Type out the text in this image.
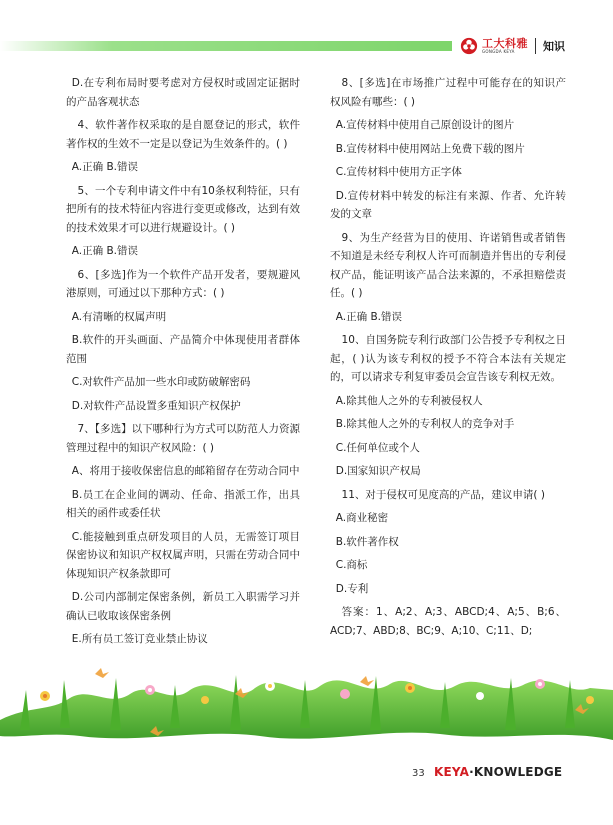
工大科雅
GONGDA KEYA	知识

D.在专利布局时要考虑对方侵权时或固定证据时的产品客观状态

4、软件著作权采取的是自愿登记的形式，软件著作权的生效不一定是以登记为生效条件的。( )

A.正确 B.错误

5、一个专利申请文件中有10条权利特征，只有把所有的技术特征内容进行变更或修改，达到有效的技术效果才可以进行规避设计。( )

A.正确 B.错误

6、[多选]作为一个软件产品开发者，要规避风港原则，可通过以下那种方式：( )

A.有清晰的权属声明

B.软件的开头画面、产品简介中体现使用者群体范围

C.对软件产品加一些水印或防破解密码

D.对软件产品设置多重知识产权保护

7、【多选】以下哪种行为方式可以防范人力资源管理过程中的知识产权风险：( )

A、将用于接收保密信息的邮箱留存在劳动合同中

B.员工在企业间的调动、任命、指派工作，出具相关的函件或委任状

C.能接触到重点研发项目的人员，无需签订项目保密协议和知识产权权属声明，只需在劳动合同中体现知识产权条款即可

D.公司内部制定保密条例，新员工入职需学习并确认已收取该保密条例

E.所有员工签订竞业禁止协议

8、[多选]在市场推广过程中可能存在的知识产权风险有哪些：( )

A.宣传材料中使用自己原创设计的图片

B.宣传材料中使用网站上免费下载的图片

C.宣传材料中使用方正字体

D.宣传材料中转发的标注有来源、作者、允许转发的文章

9、为生产经营为目的使用、许诺销售或者销售不知道是未经专利权人许可而制造并售出的专利侵权产品，能证明该产品合法来源的，不承担赔偿责任。( )

A.正确 B.错误

10、自国务院专利行政部门公告授予专利权之日起，( )认为该专利权的授予不符合本法有关规定的，可以请求专利复审委员会宣告该专利权无效。

A.除其他人之外的专利被侵权人

B.除其他人之外的专利权人的竞争对手

C.任何单位或个人

D.国家知识产权局

11、对于侵权可见度高的产品，建议申请( )

A.商业秘密

B.软件著作权

C.商标

D.专利

答案：1、A;2、A;3、ABCD;4、A;5、B;6、ACD;7、ABD;8、BC;9、A;10、C;11、D;

33 KEYA·KNOWLEDGE
